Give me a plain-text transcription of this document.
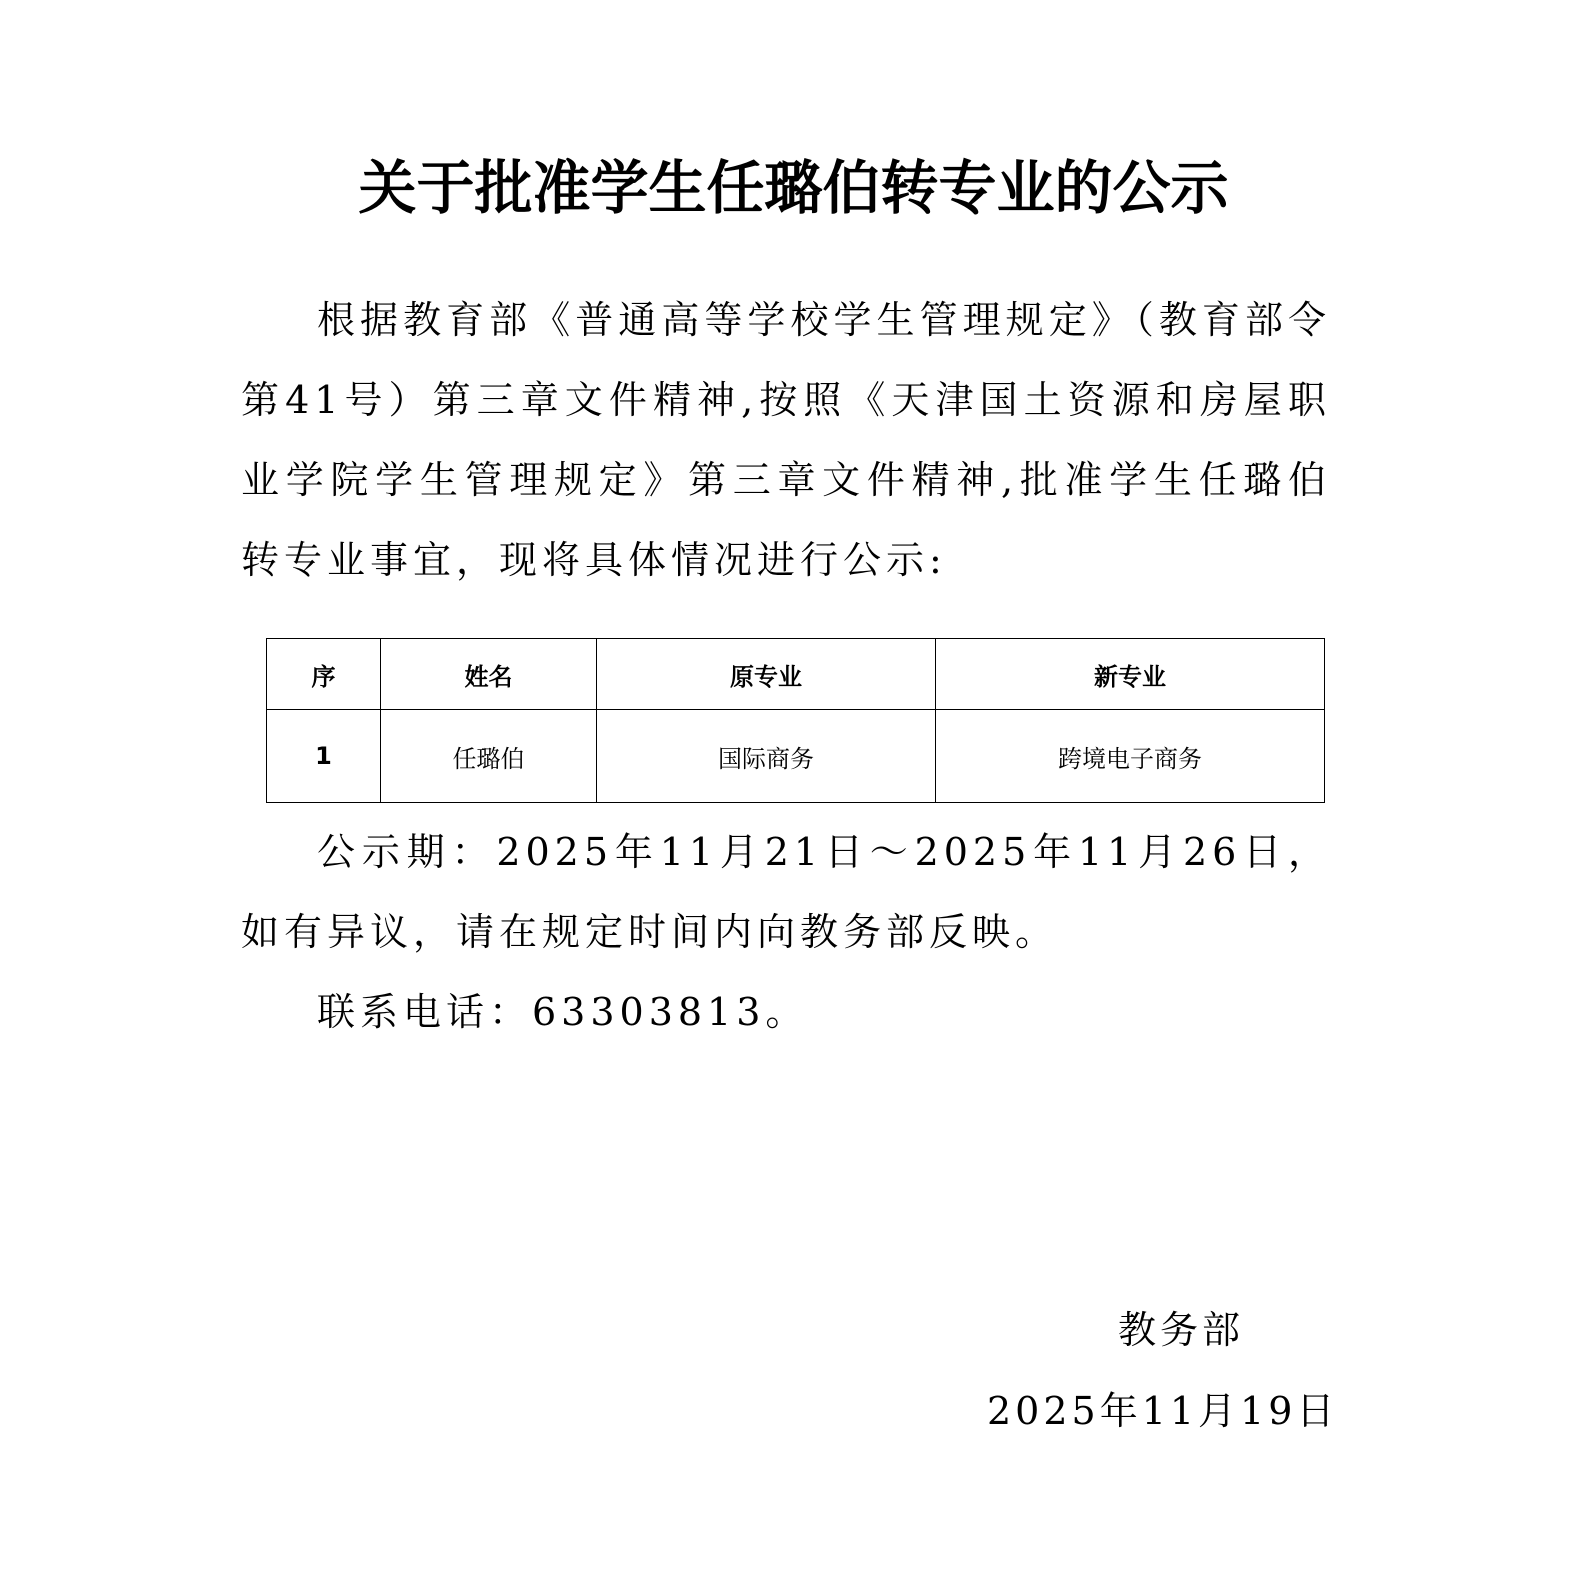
关于批准学生任璐伯转专业的公示

根据教育部《普通高等学校学生管理规定》（教育部令第41号）第三章文件精神,按照《天津国土资源和房屋职业学院学生管理规定》第三章文件精神,批准学生任璐伯转专业事宜，现将具体情况进行公示:

序	姓名	原专业	新专业
1	任璐伯	国际商务	跨境电子商务

公示期：2025年11月21日～2025年11月26日，如有异议，请在规定时间内向教务部反映。

联系电话：63303813。

教务部
2025年11月19日
